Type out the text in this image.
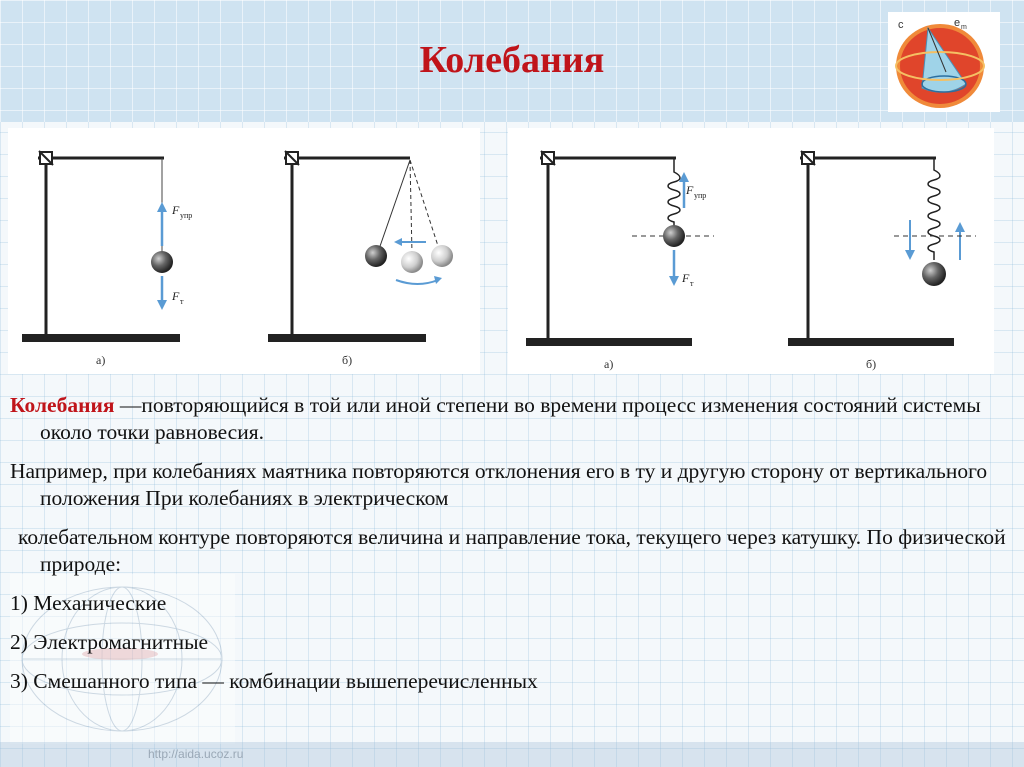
Колебания
c	e m
F упр
F т
а)	б)
F упр
F т
а)	б)

Колебания —повторяющийся в той или иной степени во времени процесс изменения состояний системы около точки равновесия.

Например, при колебаниях маятника повторяются отклонения его в ту и другую сторону от вертикального положения При колебаниях в электрическом

колебательном контуре повторяются величина и направление тока, текущего через катушку. По физической природе:

1) Механические
2) Электромагнитные
3) Смешанного типа — комбинации вышеперечисленных
http://aida.ucoz.ru
